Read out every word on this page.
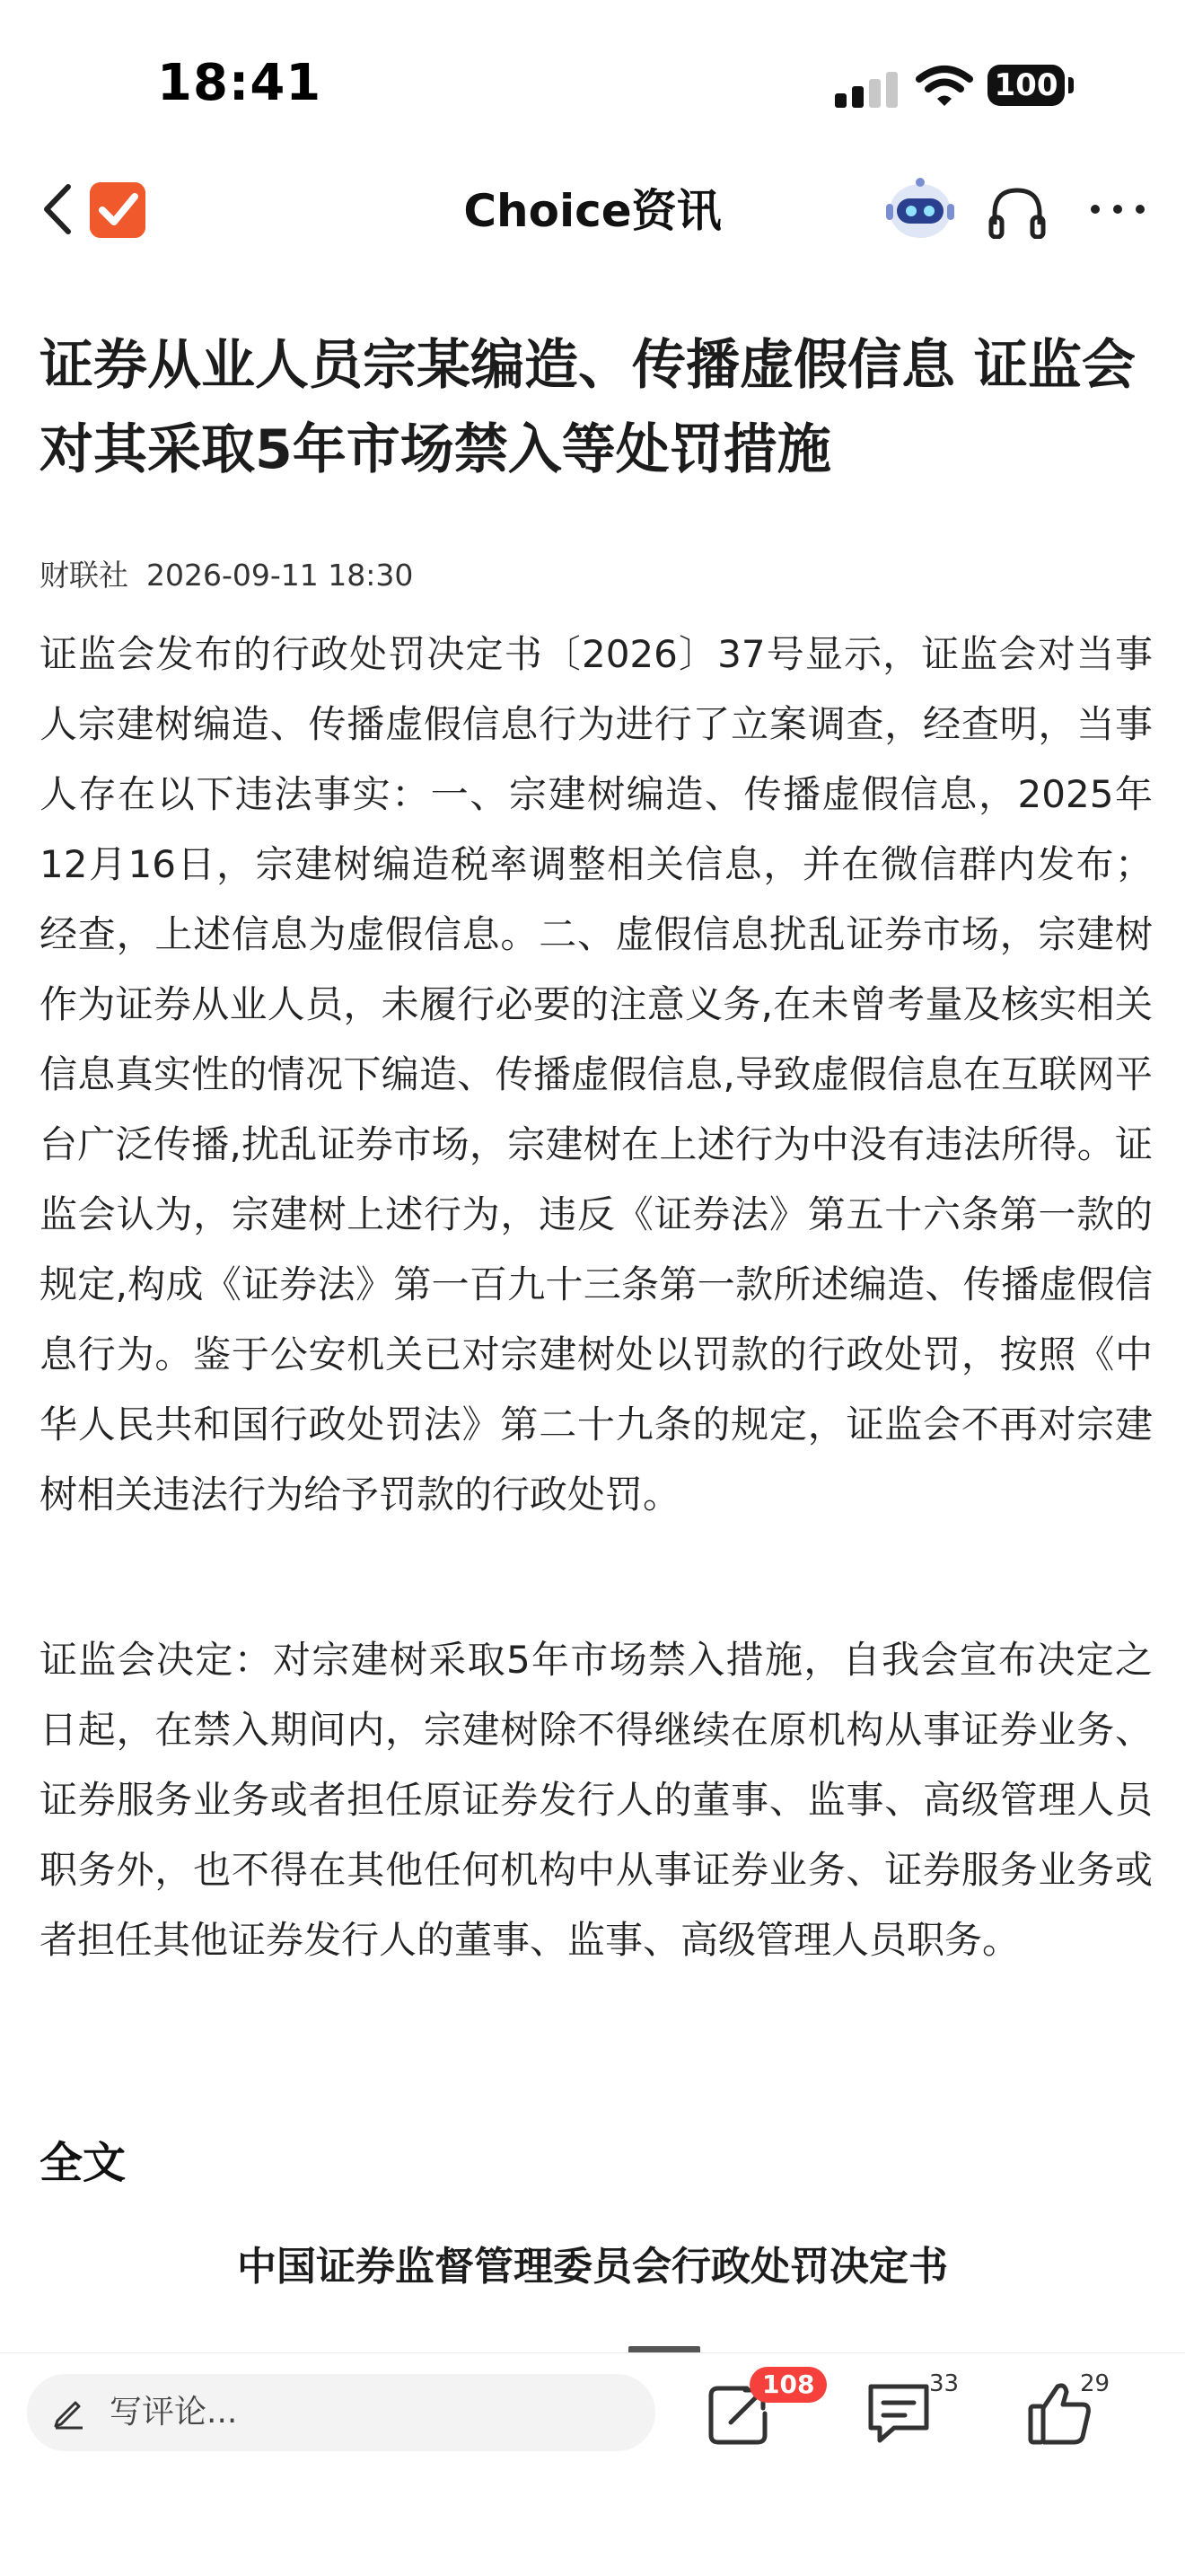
18:41	100
Choice资讯
证券从业人员宗某编造、传播虚假信息 证监会对其采取5年市场禁入等处罚措施
财联社 2026-09-11 18:30

证监会发布的行政处罚决定书〔2026〕37号显示，证监会对当事人宗建树编造、传播虚假信息行为进行了立案调查，经查明，当事人存在以下违法事实：一、宗建树编造、传播虚假信息，2025年12月16日，宗建树编造税率调整相关信息，并在微信群内发布；经查，上述信息为虚假信息。二、虚假信息扰乱证券市场，宗建树作为证券从业人员，未履行必要的注意义务,在未曾考量及核实相关信息真实性的情况下编造、传播虚假信息,导致虚假信息在互联网平台广泛传播,扰乱证券市场，宗建树在上述行为中没有违法所得。证监会认为，宗建树上述行为，违反《证券法》第五十六条第一款的规定,构成《证券法》第一百九十三条第一款所述编造、传播虚假信息行为。鉴于公安机关已对宗建树处以罚款的行政处罚，按照《中华人民共和国行政处罚法》第二十九条的规定，证监会不再对宗建树相关违法行为给予罚款的行政处罚。

证监会决定：对宗建树采取5年市场禁入措施，自我会宣布决定之日起，在禁入期间内，宗建树除不得继续在原机构从事证券业务、证券服务业务或者担任原证券发行人的董事、监事、高级管理人员职务外，也不得在其他任何机构中从事证券业务、证券服务业务或者担任其他证券发行人的董事、监事、高级管理人员职务。

全文
中国证券监督管理委员会行政处罚决定书
写评论...
108	33	29
